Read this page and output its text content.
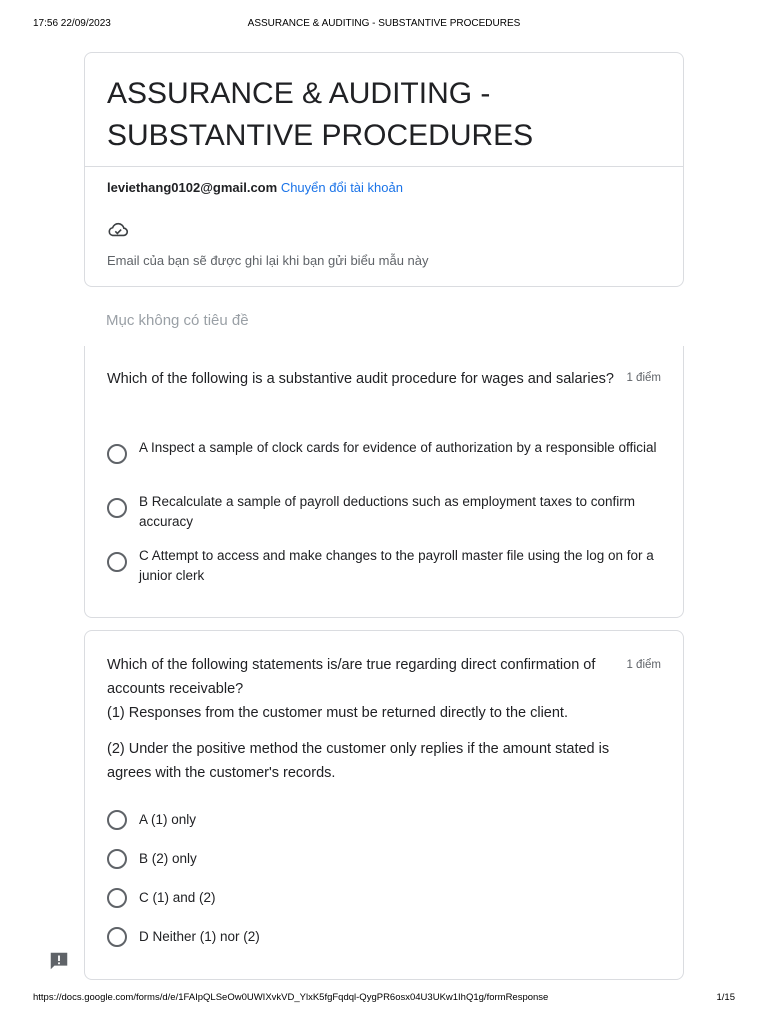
17:56 22/09/2023	ASSURANCE & AUDITING - SUBSTANTIVE PROCEDURES
ASSURANCE & AUDITING -
SUBSTANTIVE PROCEDURES
leviethang0102@gmail.com Chuyển đổi tài khoản
Email của bạn sẽ được ghi lại khi bạn gửi biểu mẫu này
Mục không có tiêu đề
Which of the following is a substantive audit procedure for wages and salaries? 1 điểm
A Inspect a sample of clock cards for evidence of authorization by a responsible official
B Recalculate a sample of payroll deductions such as employment taxes to confirm accuracy
C Attempt to access and make changes to the payroll master file using the log on for a junior clerk

Which of the following statements is/are true regarding direct confirmation of accounts receivable?

(1) Responses from the customer must be returned directly to the client.

(2) Under the positive method the customer only replies if the amount stated is agrees with the customer's records.

1 điểm
A (1) only
B (2) only
C (1) and (2)
D Neither (1) nor (2)
https://docs.google.com/forms/d/e/1FAIpQLSeOw0UWIXvkVD_YlxK5fgFqdql-QygPR6osx04U3UKw1IhQ1g/formResponse	1/15
